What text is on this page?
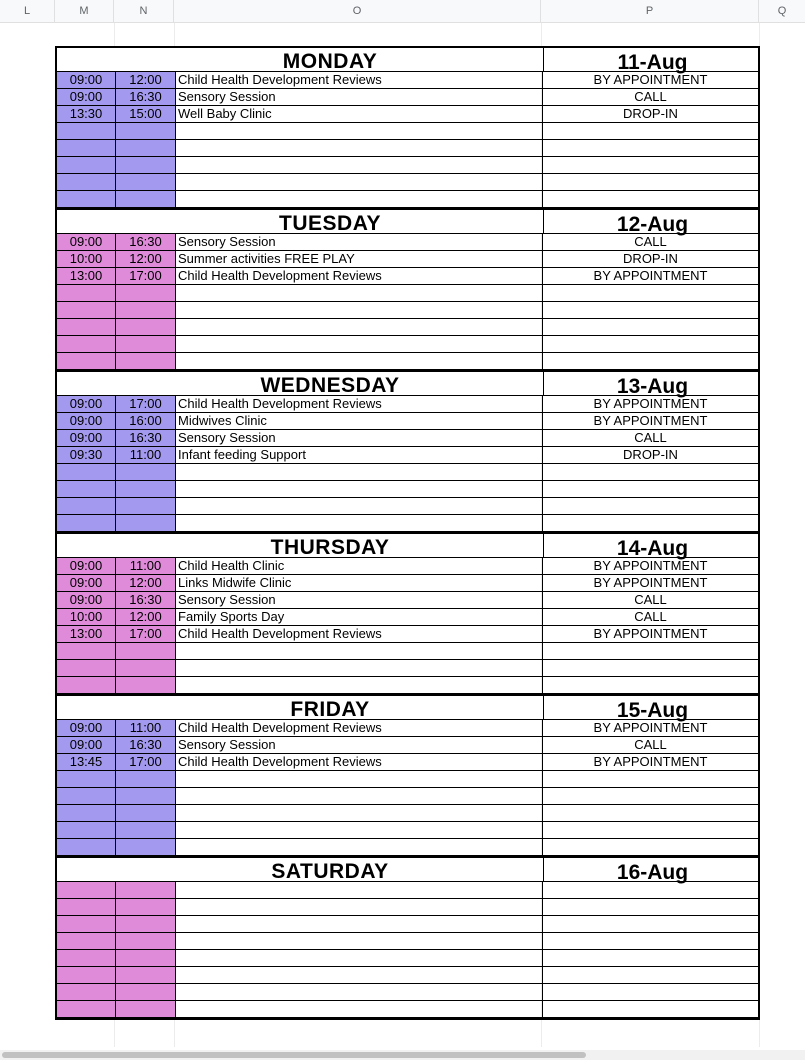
L	M	N	O	P	Q
MONDAY	11-Aug
09:00	12:00	Child Health Development Reviews	BY APPOINTMENT
09:00	16:30	Sensory Session	CALL
13:30	15:00	Well Baby Clinic	DROP-IN
TUESDAY	12-Aug
09:00	16:30	Sensory Session	CALL
10:00	12:00	Summer activities FREE PLAY	DROP-IN
13:00	17:00	Child Health Development Reviews	BY APPOINTMENT
WEDNESDAY	13-Aug
09:00	17:00	Child Health Development Reviews	BY APPOINTMENT
09:00	16:00	Midwives Clinic	BY APPOINTMENT
09:00	16:30	Sensory Session	CALL
09:30	11:00	Infant feeding Support	DROP-IN
THURSDAY	14-Aug
09:00	11:00	Child Health Clinic	BY APPOINTMENT
09:00	12:00	Links Midwife Clinic	BY APPOINTMENT
09:00	16:30	Sensory Session	CALL
10:00	12:00	Family Sports Day	CALL
13:00	17:00	Child Health Development Reviews	BY APPOINTMENT
FRIDAY	15-Aug
09:00	11:00	Child Health Development Reviews	BY APPOINTMENT
09:00	16:30	Sensory Session	CALL
13:45	17:00	Child Health Development Reviews	BY APPOINTMENT
SATURDAY	16-Aug
